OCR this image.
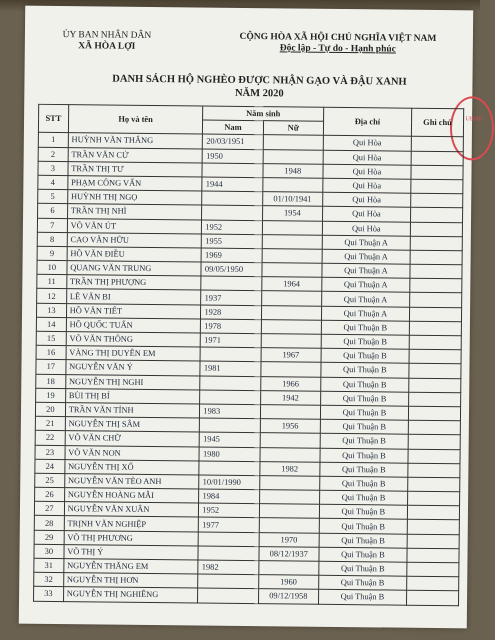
ỦY BAN NHÂN DÂN
XÃ HÒA LỢI
CỘNG HÒA XÃ HỘI CHỦ NGHĨA VIỆT NAM
Độc lập - Tự do - Hạnh phúc
DANH SÁCH HỘ NGHÈO ĐƯỢC NHẬN GẠO VÀ ĐẬU XANH
NĂM 2020
UBND
STT	Họ và tên	Năm sinh		Địa chỉ	Ghi chú
		Nam	Nữ		
1	HUỲNH VĂN THẮNG	20/03/1951		Qui Hòa	
2	TRẦN VĂN CỬ	1950		Qui Hòa	
3	TRẦN THỊ TƯ		1948	Qui Hòa	
4	PHẠM CÔNG VẤN	1944		Qui Hòa	
5	HUỲNH THỊ NGỌ		01/10/1941	Qui Hòa	
6	TRẦN THỊ NHÌ		1954	Qui Hòa	
7	VÕ VĂN ÚT	1952		Qui Hòa	
8	CAO VĂN HỮU	1955		Qui Thuận A	
9	HỒ VĂN ĐIỀU	1969		Qui Thuận A	
10	QUANG VĂN TRUNG	09/05/1950		Qui Thuận A	
11	TRẦN THỊ PHƯỢNG		1964	Qui Thuận A	
12	LÊ VĂN BI	1937		Qui Thuận A	
13	HỒ VĂN TIẾT	1928		Qui Thuận A	
14	HỒ QUỐC TUẤN	1978		Qui Thuận B	
15	VÕ VĂN THÔNG	1971		Qui Thuận B	
16	VÀNG THỊ DUYÊN EM		1967	Qui Thuận B	
17	NGUYỄN VĂN Ý	1981		Qui Thuận B	
18	NGUYỄN THỊ NGHI		1966	Qui Thuận B	
19	BÙI THỊ BÍ		1942	Qui Thuận B	
20	TRẦN VĂN TỈNH	1983		Qui Thuận B	
21	NGUYỄN THỊ SÂM		1956	Qui Thuận B	
22	VÕ VĂN CHỮ	1945		Qui Thuận B	
23	VÕ VĂN NON	1980		Qui Thuận B	
24	NGUYỄN THỊ XỔ		1982	Qui Thuận B	
25	NGUYỄN VĂN TÈO ANH	10/01/1990		Qui Thuận B	
26	NGUYỄN HOÀNG MẪI	1984		Qui Thuận B	
27	NGUYỄN VĂN XUÂN	1952		Qui Thuận B	
28	TRỊNH VĂN NGHIỆP	1977		Qui Thuận B	
29	VÕ THỊ PHƯƠNG		1970	Qui Thuận B	
30	VÕ THỊ Ý		08/12/1937	Qui Thuận B	
31	NGUYỄN THĂNG EM	1982		Qui Thuận B	
32	NGUYỄN THỊ HƠN		1960	Qui Thuận B	
33	NGUYỄN THỊ NGHIÊNG		09/12/1958	Qui Thuận B	
